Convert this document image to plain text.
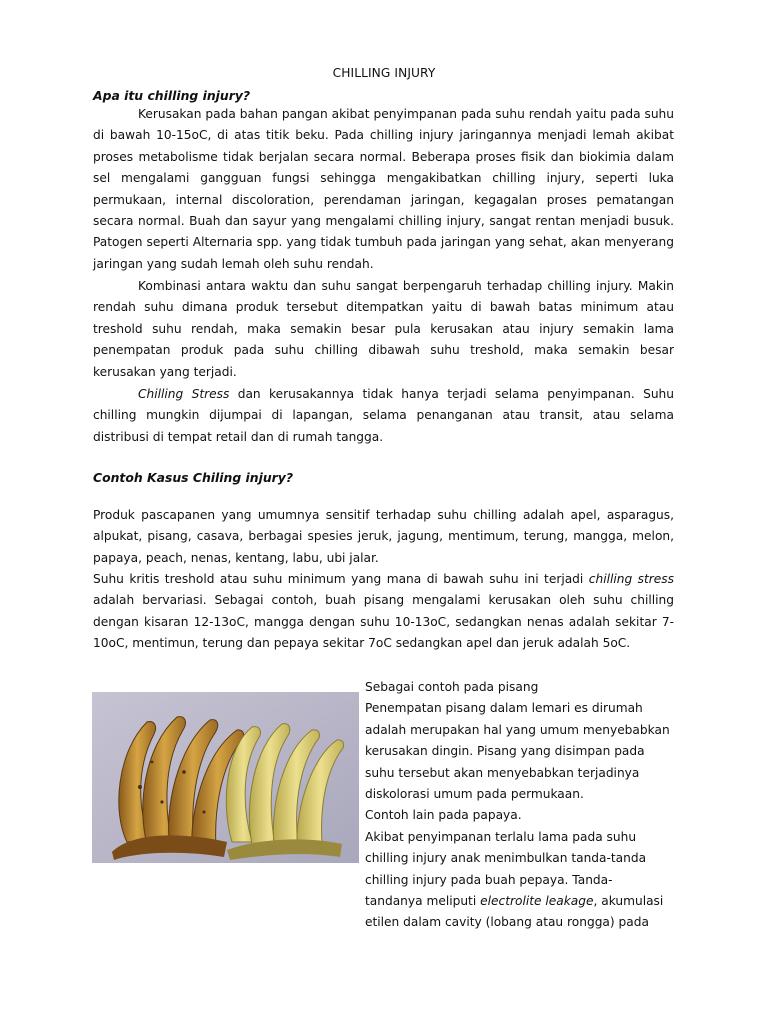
CHILLING INJURY
Apa itu chilling injury?

Kerusakan pada bahan pangan akibat penyimpanan pada suhu rendah yaitu pada suhu di bawah 10-15oC, di atas titik beku. Pada chilling injury jaringannya menjadi lemah akibat proses metabolisme tidak berjalan secara normal. Beberapa proses fisik dan biokimia dalam sel mengalami gangguan fungsi sehingga mengakibatkan chilling injury, seperti luka permukaan, internal discoloration, perendaman jaringan, kegagalan proses pematangan secara normal. Buah dan sayur yang mengalami chilling injury, sangat rentan menjadi busuk. Patogen seperti Alternaria spp. yang tidak tumbuh pada jaringan yang sehat, akan menyerang jaringan yang sudah lemah oleh suhu rendah.

Kombinasi antara waktu dan suhu sangat berpengaruh terhadap chilling injury. Makin rendah suhu dimana produk tersebut ditempatkan yaitu di bawah batas minimum atau treshold suhu rendah, maka semakin besar pula kerusakan atau injury semakin lama penempatan produk pada suhu chilling dibawah suhu treshold, maka semakin besar kerusakan yang terjadi.

Chilling Stress dan kerusakannya tidak hanya terjadi selama penyimpanan. Suhu chilling mungkin dijumpai di lapangan, selama penanganan atau transit, atau selama distribusi di tempat retail dan di rumah tangga.

Contoh Kasus Chiling injury?

Produk pascapanen yang umumnya sensitif terhadap suhu chilling adalah apel, asparagus, alpukat, pisang, casava, berbagai spesies jeruk, jagung, mentimum, terung, mangga, melon, papaya, peach, nenas, kentang, labu, ubi jalar.

Suhu kritis treshold atau suhu minimum yang mana di bawah suhu ini terjadi chilling stress adalah bervariasi. Sebagai contoh, buah pisang mengalami kerusakan oleh suhu chilling dengan kisaran 12-13oC, mangga dengan suhu 10-13oC, sedangkan nenas adalah sekitar 7-10oC, mentimun, terung dan pepaya sekitar 7oC sedangkan apel dan jeruk adalah 5oC.

Sebagai contoh pada pisang
Penempatan pisang dalam lemari es dirumah
adalah merupakan hal yang umum menyebabkan
kerusakan dingin. Pisang yang disimpan pada
suhu tersebut akan menyebabkan terjadinya
diskolorasi umum pada permukaan.
Contoh lain pada papaya.
Akibat penyimpanan terlalu lama pada suhu
chilling injury anak menimbulkan tanda-tanda
chilling injury pada buah pepaya. Tanda-
tandanya meliputi electrolite leakage, akumulasi
etilen dalam cavity (lobang atau rongga) pada
